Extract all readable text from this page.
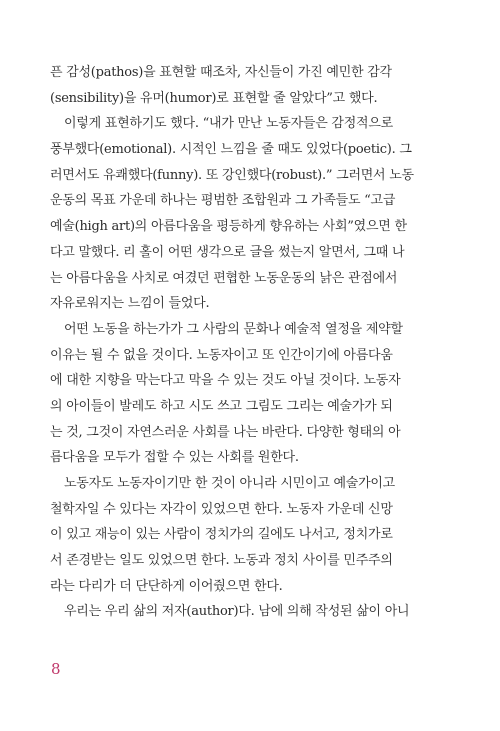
픈 감성(pathos)을 표현할 때조차, 자신들이 가진 예민한 감각
(sensibility)을 유머(humor)로 표현할 줄 알았다”고 했다.
이렇게 표현하기도 했다. “내가 만난 노동자들은 감정적으로
풍부했다(emotional). 시적인 느낌을 줄 때도 있었다(poetic). 그
러면서도 유쾌했다(funny). 또 강인했다(robust).” 그러면서 노동
운동의 목표 가운데 하나는 평범한 조합원과 그 가족들도 “고급
예술(high art)의 아름다움을 평등하게 향유하는 사회”였으면 한
다고 말했다. 리 홀이 어떤 생각으로 글을 썼는지 알면서, 그때 나
는 아름다움을 사치로 여겼던 편협한 노동운동의 낡은 관점에서
자유로워지는 느낌이 들었다.
어떤 노동을 하는가가 그 사람의 문화나 예술적 열정을 제약할
이유는 될 수 없을 것이다. 노동자이고 또 인간이기에 아름다움
에 대한 지향을 막는다고 막을 수 있는 것도 아닐 것이다. 노동자
의 아이들이 발레도 하고 시도 쓰고 그림도 그리는 예술가가 되
는 것, 그것이 자연스러운 사회를 나는 바란다. 다양한 형태의 아
름다움을 모두가 접할 수 있는 사회를 원한다.
노동자도 노동자이기만 한 것이 아니라 시민이고 예술가이고
철학자일 수 있다는 자각이 있었으면 한다. 노동자 가운데 신망
이 있고 재능이 있는 사람이 정치가의 길에도 나서고, 정치가로
서 존경받는 일도 있었으면 한다. 노동과 정치 사이를 민주주의
라는 다리가 더 단단하게 이어줬으면 한다.
우리는 우리 삶의 저자(author)다. 남에 의해 작성된 삶이 아니
8
